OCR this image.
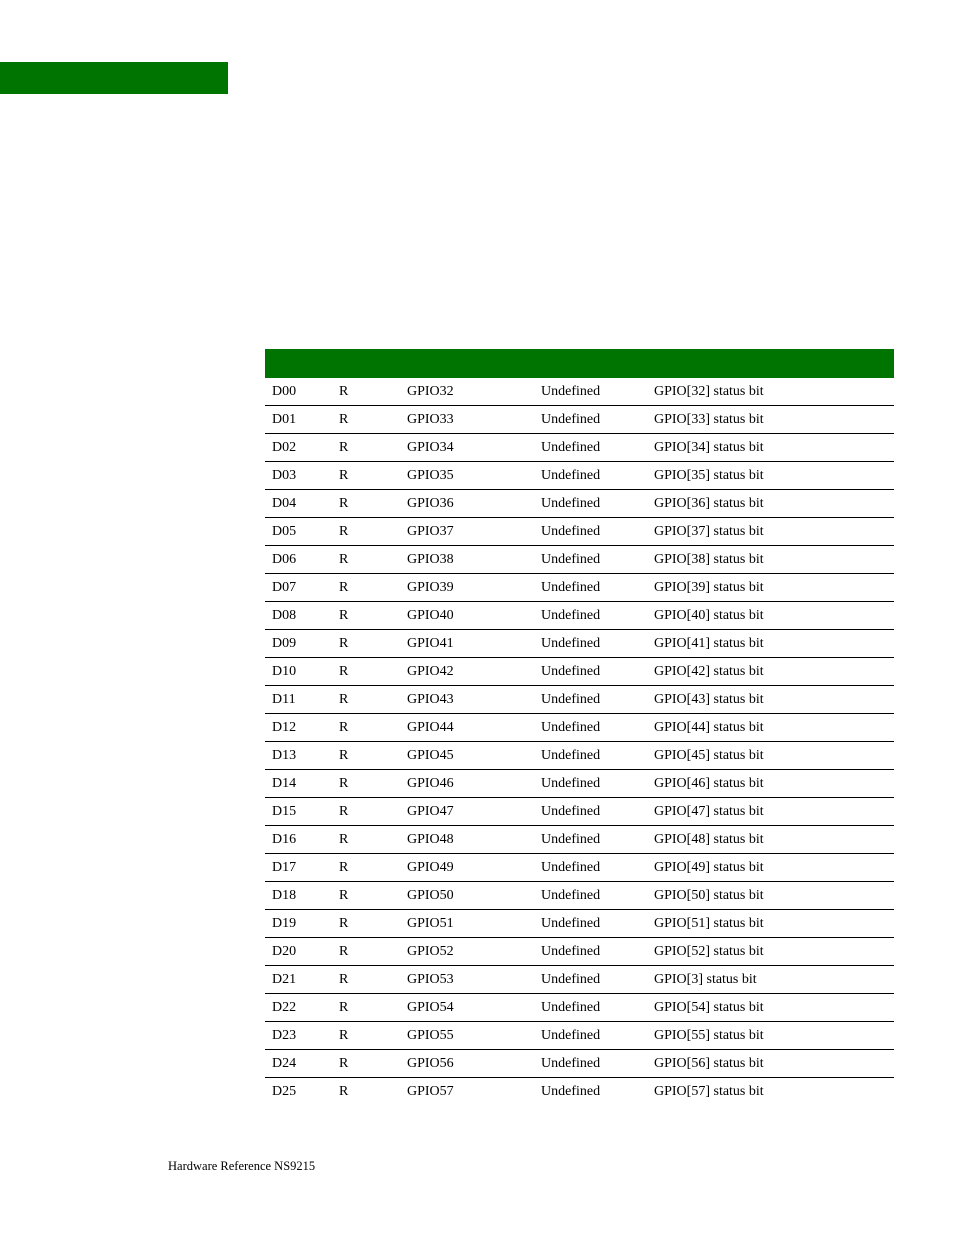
D00	R	GPIO32	Undefined	GPIO[32] status bit
D01	R	GPIO33	Undefined	GPIO[33] status bit
D02	R	GPIO34	Undefined	GPIO[34] status bit
D03	R	GPIO35	Undefined	GPIO[35] status bit
D04	R	GPIO36	Undefined	GPIO[36] status bit
D05	R	GPIO37	Undefined	GPIO[37] status bit
D06	R	GPIO38	Undefined	GPIO[38] status bit
D07	R	GPIO39	Undefined	GPIO[39] status bit
D08	R	GPIO40	Undefined	GPIO[40] status bit
D09	R	GPIO41	Undefined	GPIO[41] status bit
D10	R	GPIO42	Undefined	GPIO[42] status bit
D11	R	GPIO43	Undefined	GPIO[43] status bit
D12	R	GPIO44	Undefined	GPIO[44] status bit
D13	R	GPIO45	Undefined	GPIO[45] status bit
D14	R	GPIO46	Undefined	GPIO[46] status bit
D15	R	GPIO47	Undefined	GPIO[47] status bit
D16	R	GPIO48	Undefined	GPIO[48] status bit
D17	R	GPIO49	Undefined	GPIO[49] status bit
D18	R	GPIO50	Undefined	GPIO[50] status bit
D19	R	GPIO51	Undefined	GPIO[51] status bit
D20	R	GPIO52	Undefined	GPIO[52] status bit
D21	R	GPIO53	Undefined	GPIO[3] status bit
D22	R	GPIO54	Undefined	GPIO[54] status bit
D23	R	GPIO55	Undefined	GPIO[55] status bit
D24	R	GPIO56	Undefined	GPIO[56] status bit
D25	R	GPIO57	Undefined	GPIO[57] status bit
Hardware Reference NS9215
